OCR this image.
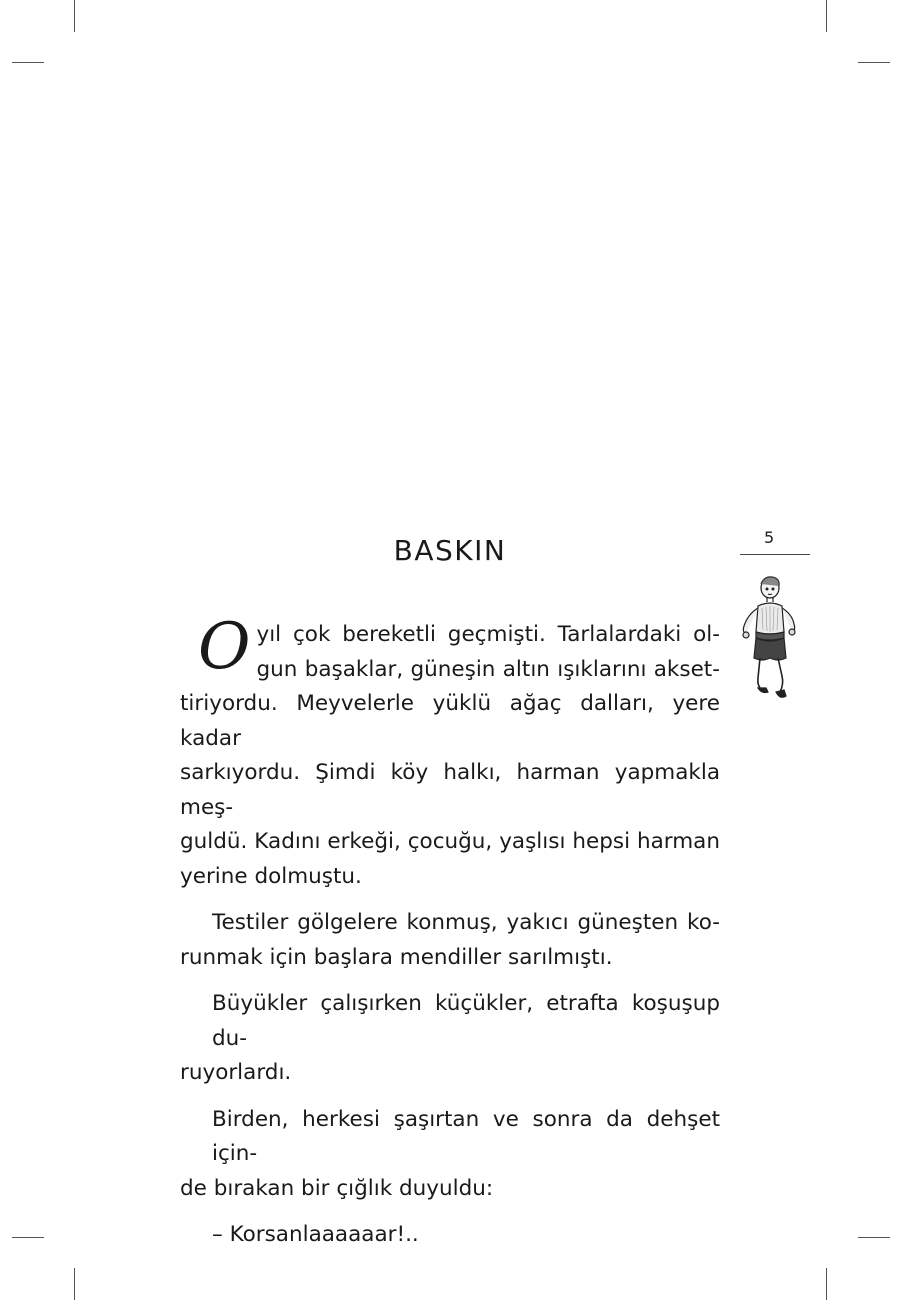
BASKIN	5
O yıl çok bereketli geçmişti. Tarlalardaki ol-
gun başaklar, güneşin altın ışıklarını akset-
tiriyordu. Meyvelerle yüklü ağaç dalları, yere kadar
sarkıyordu. Şimdi köy halkı, harman yapmakla meş-
guldü. Kadını erkeği, çocuğu, yaşlısı hepsi harman
yerine dolmuştu.
Testiler gölgelere konmuş, yakıcı güneşten ko-
runmak için başlara mendiller sarılmıştı.
Büyükler çalışırken küçükler, etrafta koşuşup du-
ruyorlardı.
Birden, herkesi şaşırtan ve sonra da dehşet için-
de bırakan bir çığlık duyuldu:
– Korsanlaaaaaar!..
